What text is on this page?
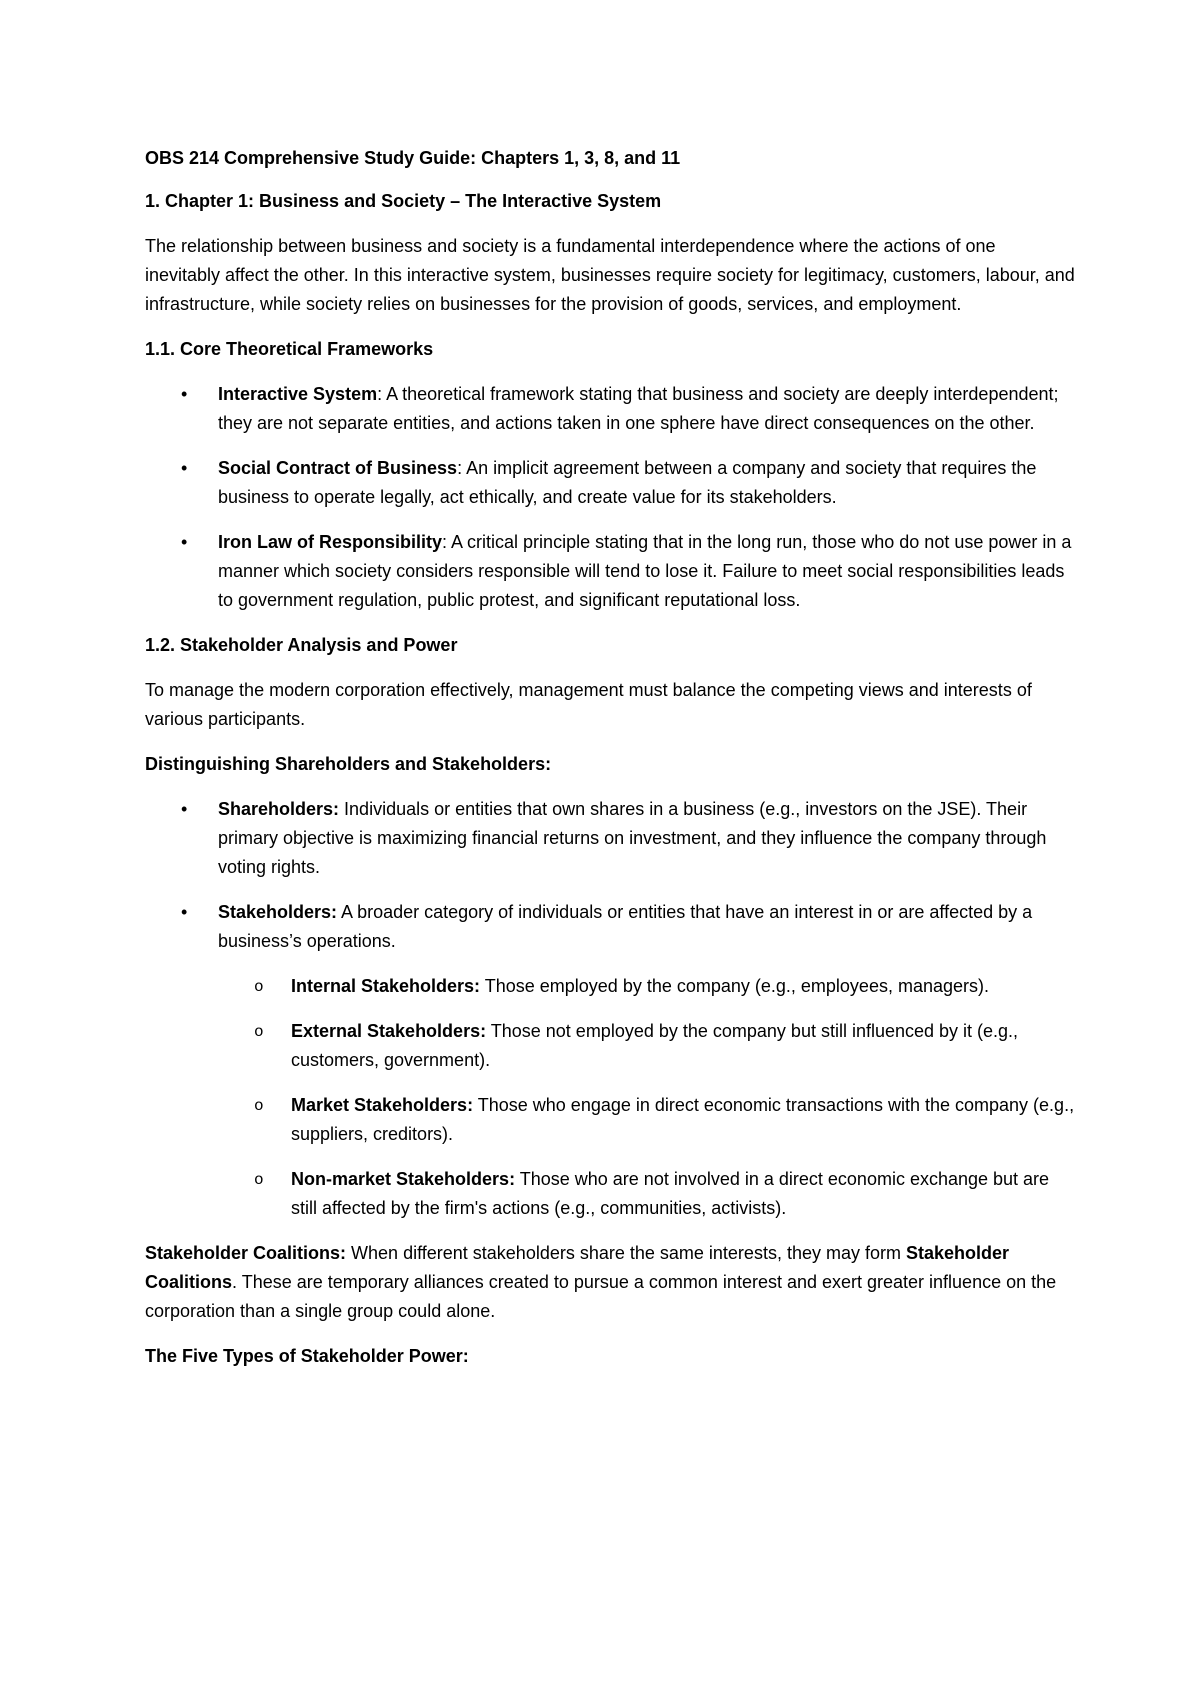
OBS 214 Comprehensive Study Guide: Chapters 1, 3, 8, and 11
1. Chapter 1: Business and Society – The Interactive System

The relationship between business and society is a fundamental interdependence where the actions of one inevitably affect the other. In this interactive system, businesses require society for legitimacy, customers, labour, and infrastructure, while society relies on businesses for the provision of goods, services, and employment.

1.1. Core Theoretical Frameworks
• Interactive System: A theoretical framework stating that business and society are deeply interdependent; they are not separate entities, and actions taken in one sphere have direct consequences on the other.
• Social Contract of Business: An implicit agreement between a company and society that requires the business to operate legally, act ethically, and create value for its stakeholders.
• Iron Law of Responsibility: A critical principle stating that in the long run, those who do not use power in a manner which society considers responsible will tend to lose it. Failure to meet social responsibilities leads to government regulation, public protest, and significant reputational loss.
1.2. Stakeholder Analysis and Power

To manage the modern corporation effectively, management must balance the competing views and interests of various participants.

Distinguishing Shareholders and Stakeholders:
• Shareholders: Individuals or entities that own shares in a business (e.g., investors on the JSE). Their primary objective is maximizing financial returns on investment, and they influence the company through voting rights.
• Stakeholders: A broader category of individuals or entities that have an interest in or are affected by a business’s operations.
o Internal Stakeholders: Those employed by the company (e.g., employees, managers).
o External Stakeholders: Those not employed by the company but still influenced by it (e.g., customers, government).
o Market Stakeholders: Those who engage in direct economic transactions with the company (e.g., suppliers, creditors).
o Non-market Stakeholders: Those who are not involved in a direct economic exchange but are still affected by the firm's actions (e.g., communities, activists).

Stakeholder Coalitions: When different stakeholders share the same interests, they may form Stakeholder Coalitions. These are temporary alliances created to pursue a common interest and exert greater influence on the corporation than a single group could alone.

The Five Types of Stakeholder Power:
